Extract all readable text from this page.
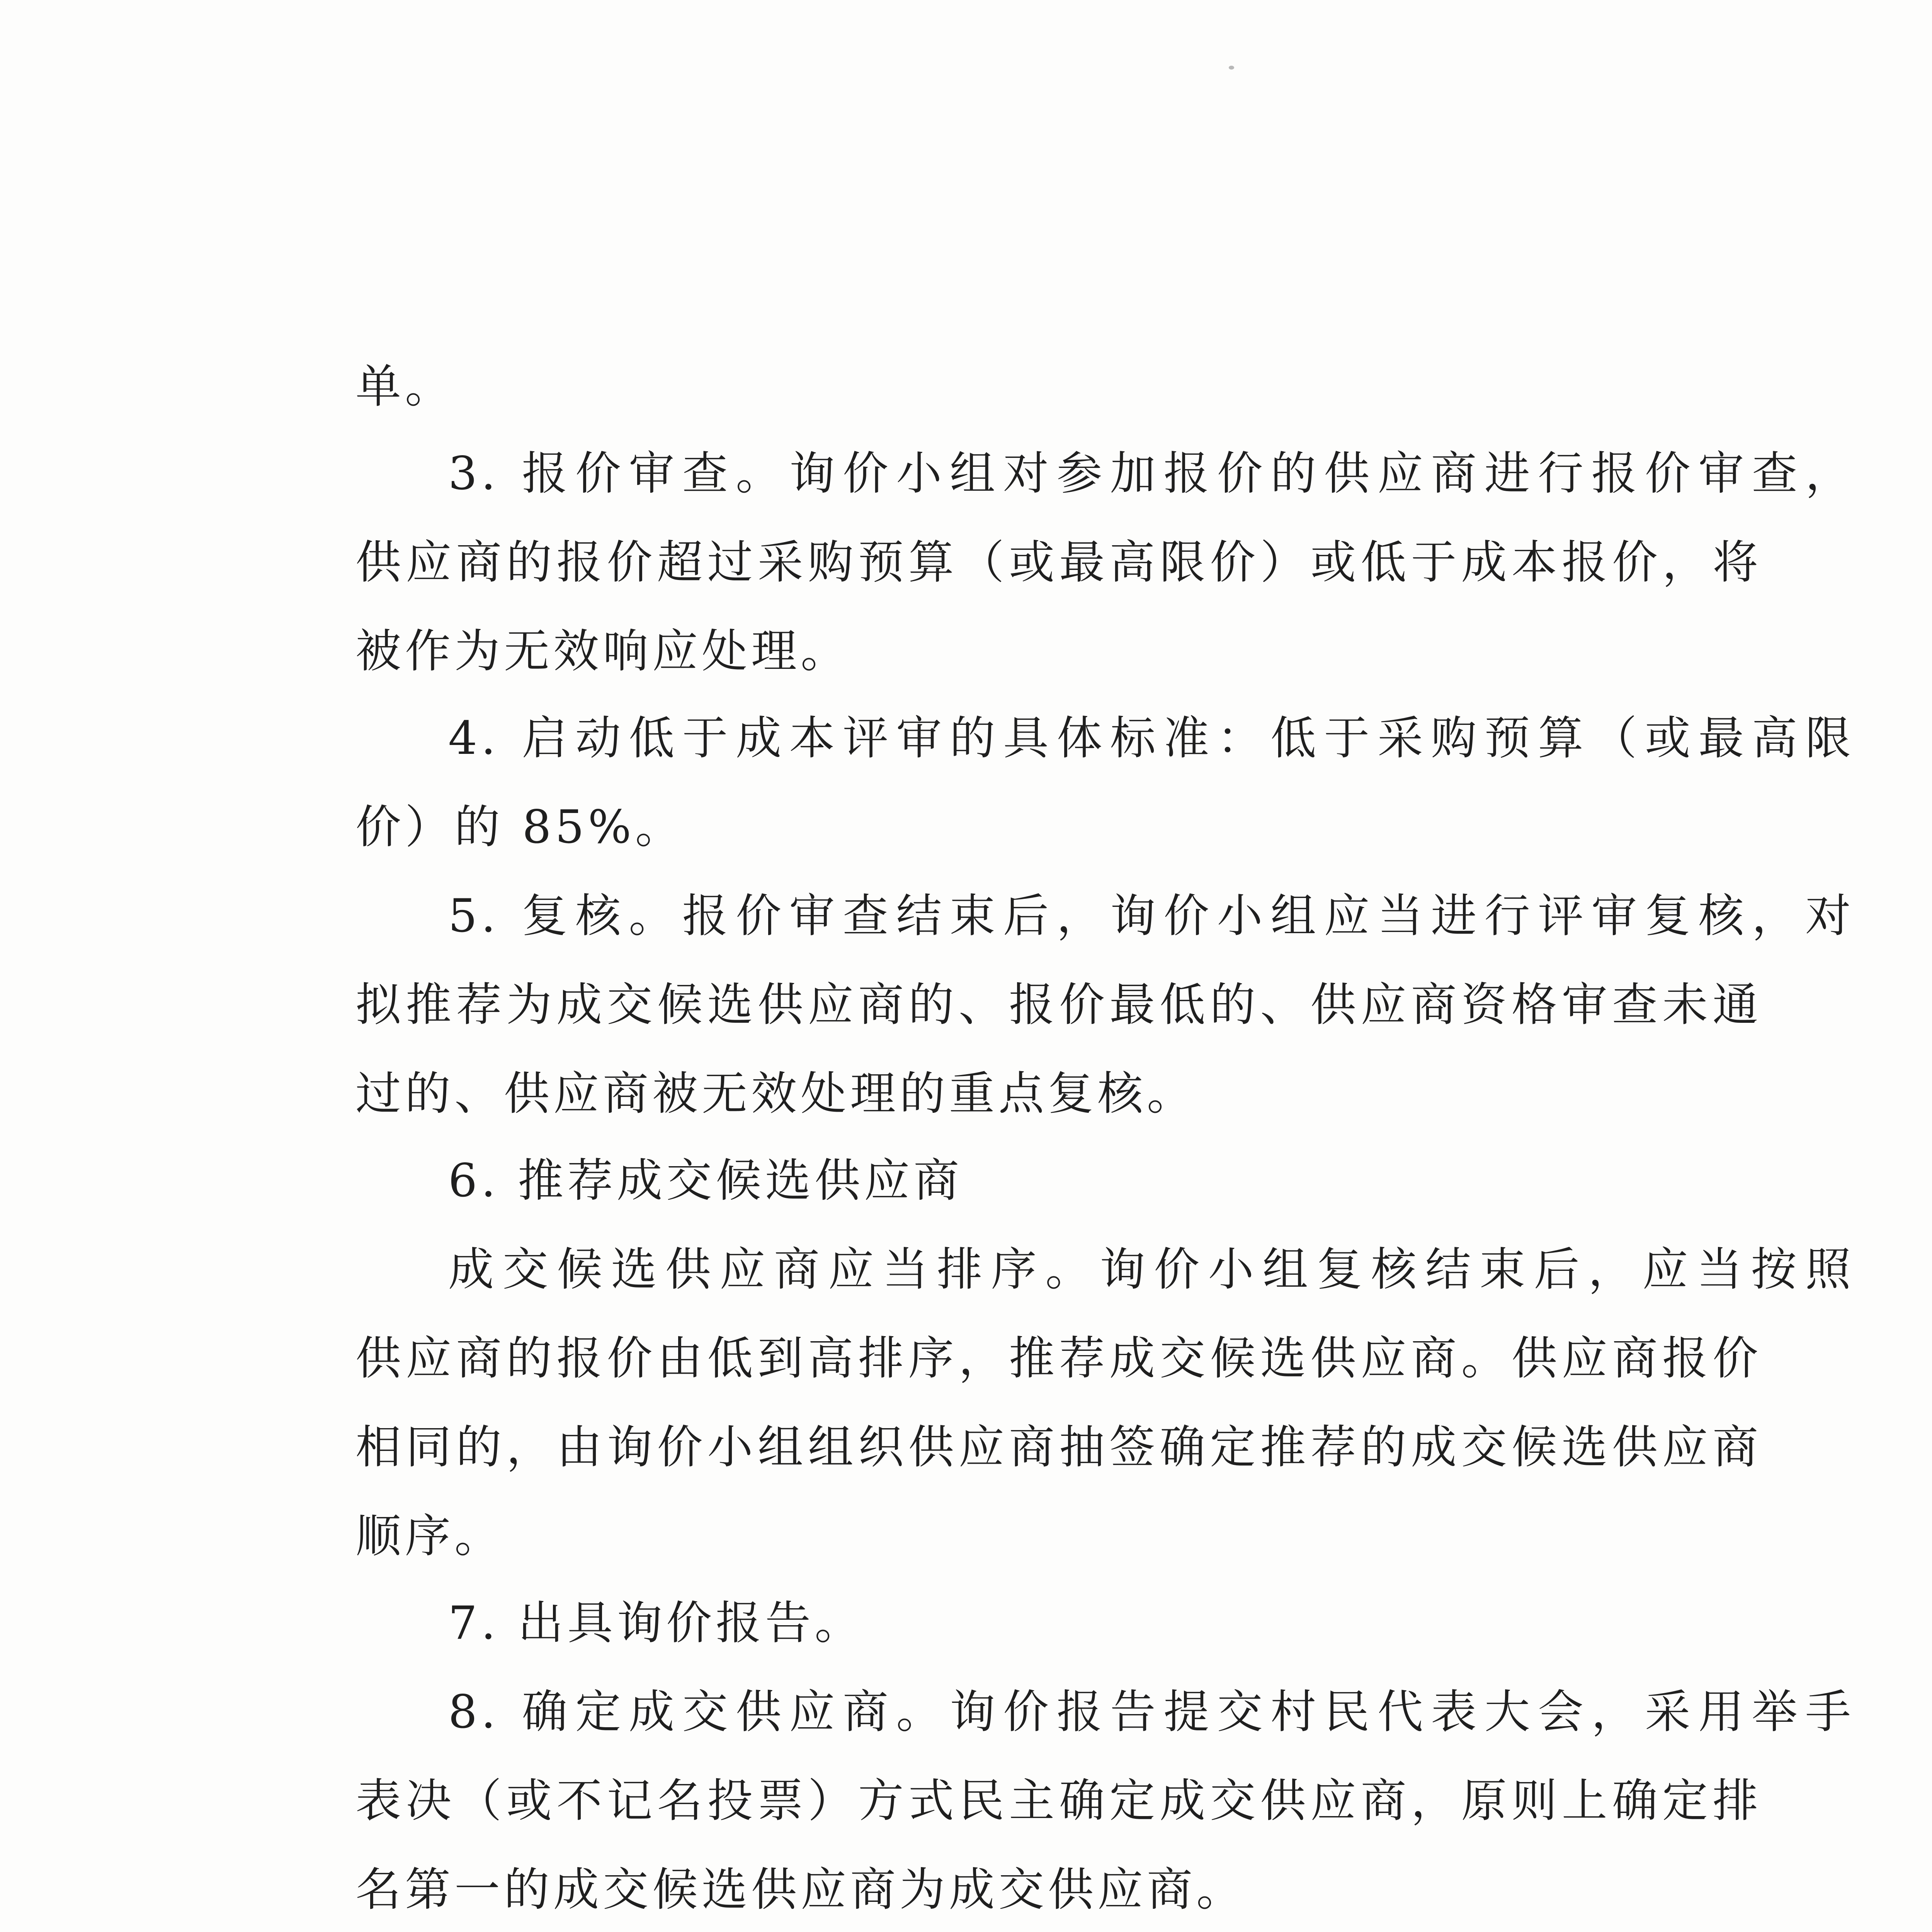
单。
3. 报价审查。询价小组对参加报价的供应商进行报价审查，
供应商的报价超过采购预算（或最高限价）或低于成本报价，将
被作为无效响应处理。
4. 启动低于成本评审的具体标准：低于采购预算（或最高限
价）的 85%。
5. 复核。报价审查结束后，询价小组应当进行评审复核，对
拟推荐为成交候选供应商的、报价最低的、供应商资格审查未通
过的、供应商被无效处理的重点复核。
6. 推荐成交候选供应商
成交候选供应商应当排序。询价小组复核结束后，应当按照
供应商的报价由低到高排序，推荐成交候选供应商。供应商报价
相同的，由询价小组组织供应商抽签确定推荐的成交候选供应商
顺序。
7. 出具询价报告。
8. 确定成交供应商。询价报告提交村民代表大会，采用举手
表决（或不记名投票）方式民主确定成交供应商，原则上确定排
名第一的成交候选供应商为成交供应商。
